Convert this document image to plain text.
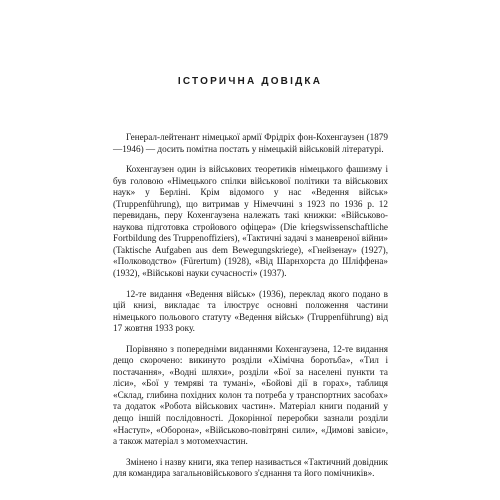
ІСТОРИЧНА ДОВІДКА

Генерал-лейтенант німецької армії Фрідріх фон-Кохенгаузен (1879—1946) — досить помітна постать у німецькій військовій літературі.

Кохенгаузен один із військових теоретиків німецького фашизму і був головою «Німецького спілки військової політики та військових наук» у Берліні. Крім відомого у нас «Ведення військ» (Truppenführung), що витримав у Німеччині з 1923 по 1936 р. 12 перевидань, перу Кохенгаузена належать такі книжки: «Військово-наукова підготовка стройового офіцера» (Die kriegswissenschaftliche Fortbildung des Truppenoffiziers), «Тактичні задачі з маневреної війни» (Taktische Aufgaben aus dem Bewegungskriege), «Гнейзенау» (1927), «Полководство» (Fürertum) (1928), «Від Шарнхорста до Шліффена» (1932), «Військові науки сучасності» (1937).

12-те видання «Ведення військ» (1936), переклад якого подано в цій книзі, викладає та ілюструє основні положення частини німецького польового статуту «Ведення військ» (Truppenführung) від 17 жовтня 1933 року.

Порівняно з попередніми виданнями Кохенгаузена, 12-те видання дещо скорочено: викинуто розділи «Хімічна боротьба», «Тил і постачання», «Водні шляхи», розділи «Бої за населені пункти та ліси», «Бої у темряві та тумані», «Бойові дії в горах», таблиця «Склад, глибина похідних колон та потреба у транспортних засобах» та додаток «Робота військових частин». Матеріал книги поданий у дещо іншій послідовності. Докорінної переробки зазнали розділи «Наступ», «Оборона», «Військово-повітряні сили», «Димові завіси», а також матеріал з мотомехчастин.

Змінено і назву книги, яка тепер називається «Тактичний довідник для командира загальновійськового з'єднання та його помічників».
